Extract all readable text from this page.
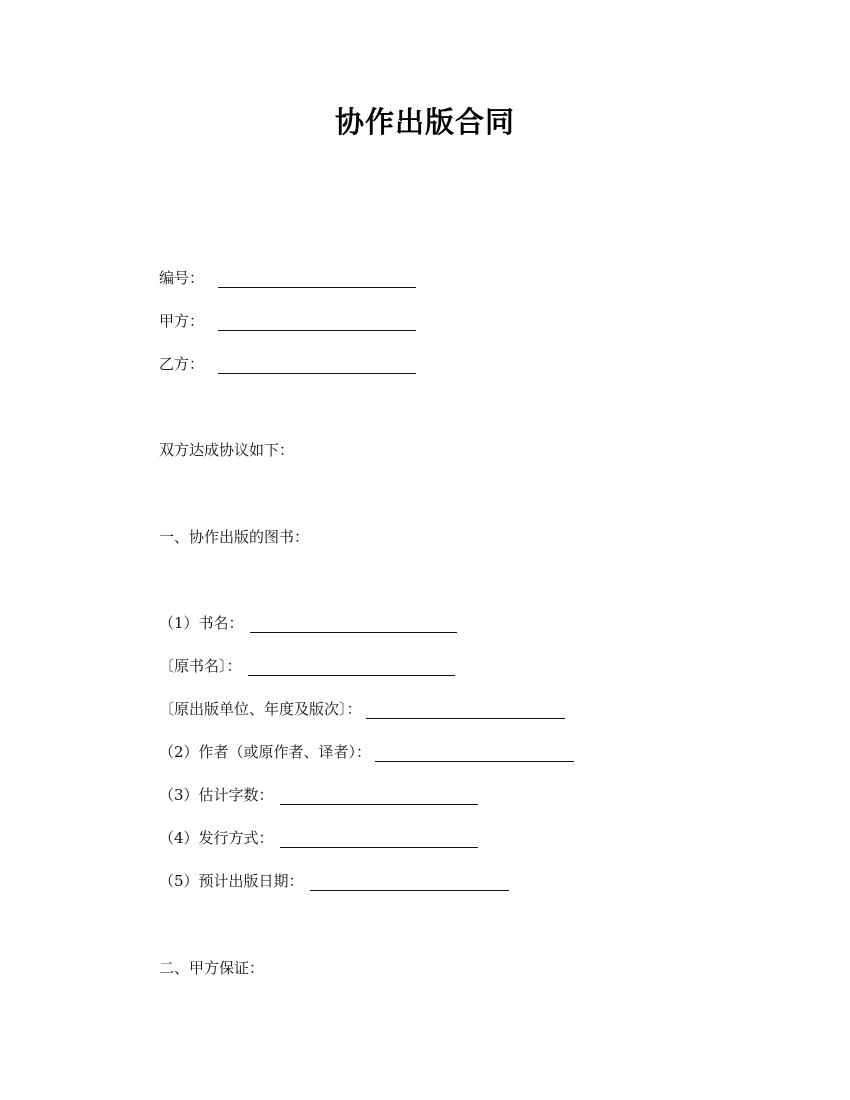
协作出版合同
编号：
甲方：
乙方：
双方达成协议如下：
一、协作出版的图书：
（1）书名：
〔原书名〕：
〔原出版单位、年度及版次〕：
（2）作者（或原作者、译者）：
（3）估计字数：
（4）发行方式：
（5）预计出版日期：
二、甲方保证：
